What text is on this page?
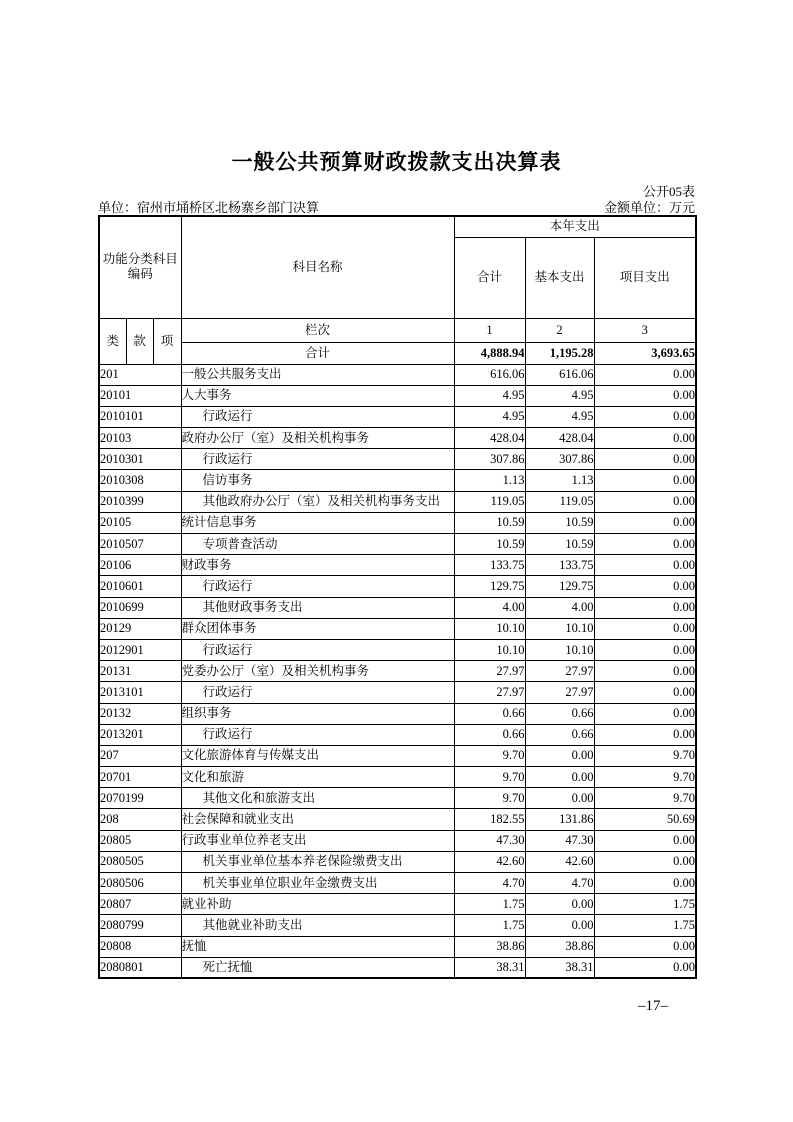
一般公共预算财政拨款支出决算表
公开05表
单位：宿州市埇桥区北杨寨乡部门决算	金额单位：万元
功能分类科目编码			科目名称	本年支出		
				合计	基本支出	项目支出
类	款	项	栏次	1	2	3
			合计	4,888.94	1,195.28	3,693.65
201			一般公共服务支出	616.06	616.06	0.00
20101			人大事务	4.95	4.95	0.00
2010101			行政运行	4.95	4.95	0.00
20103			政府办公厅（室）及相关机构事务	428.04	428.04	0.00
2010301			行政运行	307.86	307.86	0.00
2010308			信访事务	1.13	1.13	0.00
2010399			其他政府办公厅（室）及相关机构事务支出	119.05	119.05	0.00
20105			统计信息事务	10.59	10.59	0.00
2010507			专项普查活动	10.59	10.59	0.00
20106			财政事务	133.75	133.75	0.00
2010601			行政运行	129.75	129.75	0.00
2010699			其他财政事务支出	4.00	4.00	0.00
20129			群众团体事务	10.10	10.10	0.00
2012901			行政运行	10.10	10.10	0.00
20131			党委办公厅（室）及相关机构事务	27.97	27.97	0.00
2013101			行政运行	27.97	27.97	0.00
20132			组织事务	0.66	0.66	0.00
2013201			行政运行	0.66	0.66	0.00
207			文化旅游体育与传媒支出	9.70	0.00	9.70
20701			文化和旅游	9.70	0.00	9.70
2070199			其他文化和旅游支出	9.70	0.00	9.70
208			社会保障和就业支出	182.55	131.86	50.69
20805			行政事业单位养老支出	47.30	47.30	0.00
2080505			机关事业单位基本养老保险缴费支出	42.60	42.60	0.00
2080506			机关事业单位职业年金缴费支出	4.70	4.70	0.00
20807			就业补助	1.75	0.00	1.75
2080799			其他就业补助支出	1.75	0.00	1.75
20808			抚恤	38.86	38.86	0.00
2080801			死亡抚恤	38.31	38.31	0.00
–17–
